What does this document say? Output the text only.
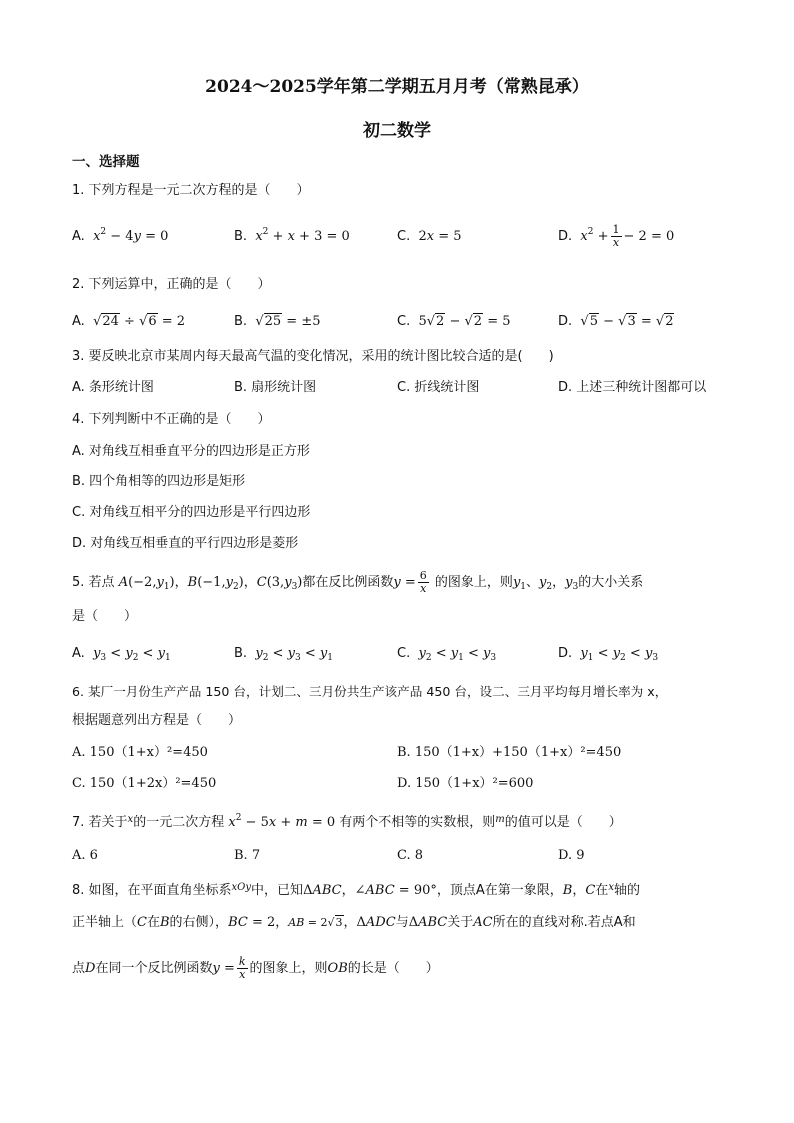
2024～2025学年第二学期五月月考（常熟昆承）
初二数学
一、选择题
1. 下列方程是一元二次方程的是（　　）
A. $x^2 - 4y = 0$	B. $x^2 + x + 3 = 0$	C. 2x = 5	D. $x^2 + \frac{1}{x} - 2 = 0$
2. 下列运算中，正确的是（　　）
A. √24 ÷ √6 = 2	B. √25 = ±5	C. 5√2 − √2 = 5	D. √5 − √3 = √2
3. 要反映北京市某周内每天最高气温的变化情况，采用的统计图比较合适的是(　　)
A. 条形统计图	B. 扇形统计图	C. 折线统计图	D. 上述三种统计图都可以
4. 下列判断中不正确的是（　　）
A. 对角线互相垂直平分的四边形是正方形
B. 四个角相等的四边形是矩形
C. 对角线互相平分的四边形是平行四边形
D. 对角线互相垂直的平行四边形是菱形
5. 若点 $A(-2,y_1)$，$B(-1,y_2)$，$C(3,y_3)$都在反比例函数$y = \frac{6}{x}$ 的图象上，则$y_1$、$y_2$，$y_3$的大小关系
是（　　）
A. $y_3 < y_2 < y_1$	B. $y_2 < y_3 < y_1$	C. $y_2 < y_1 < y_3$	D. $y_1 < y_2 < y_3$
6. 某厂一月份生产产品 150 台，计划二、三月份共生产该产品 450 台，设二、三月平均每月增长率为 x，
根据题意列出方程是（　　）
A. 150（1+x）²=450	B. 150（1+x）+150（1+x）²=450
C. 150（1+2x）²=450	D. 150（1+x）²=600
7. 若关于$^x$的一元二次方程 $x^2 - 5x + m = 0$ 有两个不相等的实数根，则$^m$的值可以是（　　）
A. 6	B. 7	C. 8	D. 9
8. 如图，在平面直角坐标系$^{xOy}$中，已知ΔABC，∠ABC = 90°，顶点A在第一象限，B，C在$^x$轴的
正半轴上（C在B的右侧），BC = 2，AB = 2√3，ΔADC与ΔABC关于AC所在的直线对称.若点A和
点D在同一个反比例函数$y = \frac{k}{x}$ 的图象上，则OB的长是（　　）
